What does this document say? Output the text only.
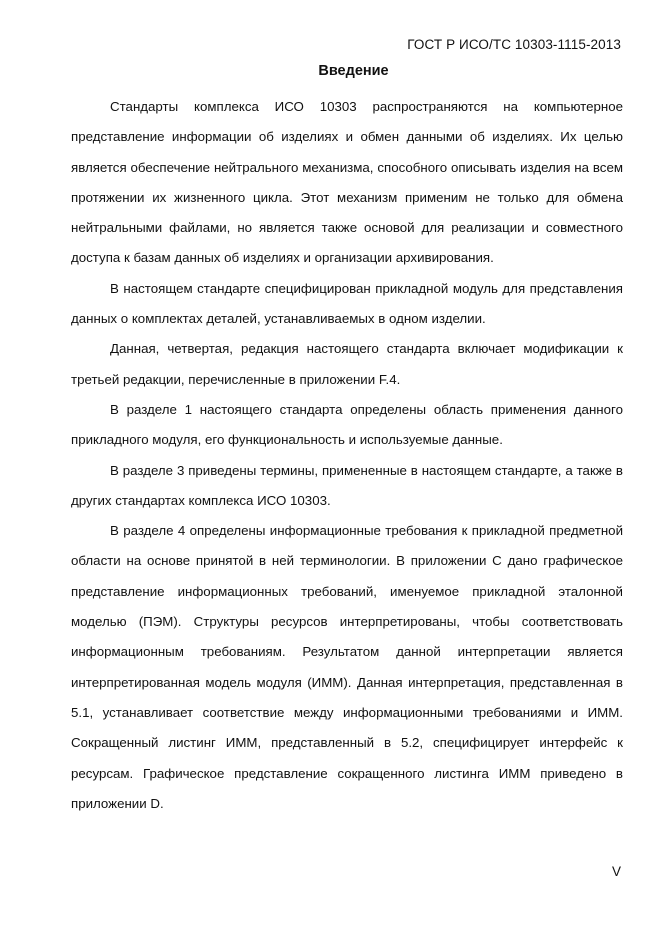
ГОСТ Р ИСО/ТС 10303-1115-2013
Введение

Стандарты комплекса ИСО 10303 распространяются на компьютерное представление информации об изделиях и обмен данными об изделиях. Их целью является обеспечение нейтрального механизма, способного описывать изделия на всем протяжении их жизненного цикла. Этот механизм применим не только для обмена нейтральными файлами, но является также основой для реализации и совместного доступа к базам данных об изделиях и организации архивирования.

В настоящем стандарте специфицирован прикладной модуль для представления данных о комплектах деталей, устанавливаемых в одном изделии.

Данная, четвертая, редакция настоящего стандарта включает модификации к третьей редакции, перечисленные в приложении F.4.

В разделе 1 настоящего стандарта определены область применения данного прикладного модуля, его функциональность и используемые данные.

В разделе 3 приведены термины, примененные в настоящем стандарте, а также в других стандартах комплекса ИСО 10303.

В разделе 4 определены информационные требования к прикладной предметной области на основе принятой в ней терминологии. В приложении С дано графическое представление информационных требований, именуемое прикладной эталонной моделью (ПЭМ). Структуры ресурсов интерпретированы, чтобы соответствовать информационным требованиям. Результатом данной интерпретации является интерпретированная модель модуля (ИММ). Данная интерпретация, представленная в 5.1, устанавливает соответствие между информационными требованиями и ИММ. Сокращенный листинг ИММ, представленный в 5.2, специфицирует интерфейс к ресурсам. Графическое представление сокращенного листинга ИММ приведено в приложении D.

V
